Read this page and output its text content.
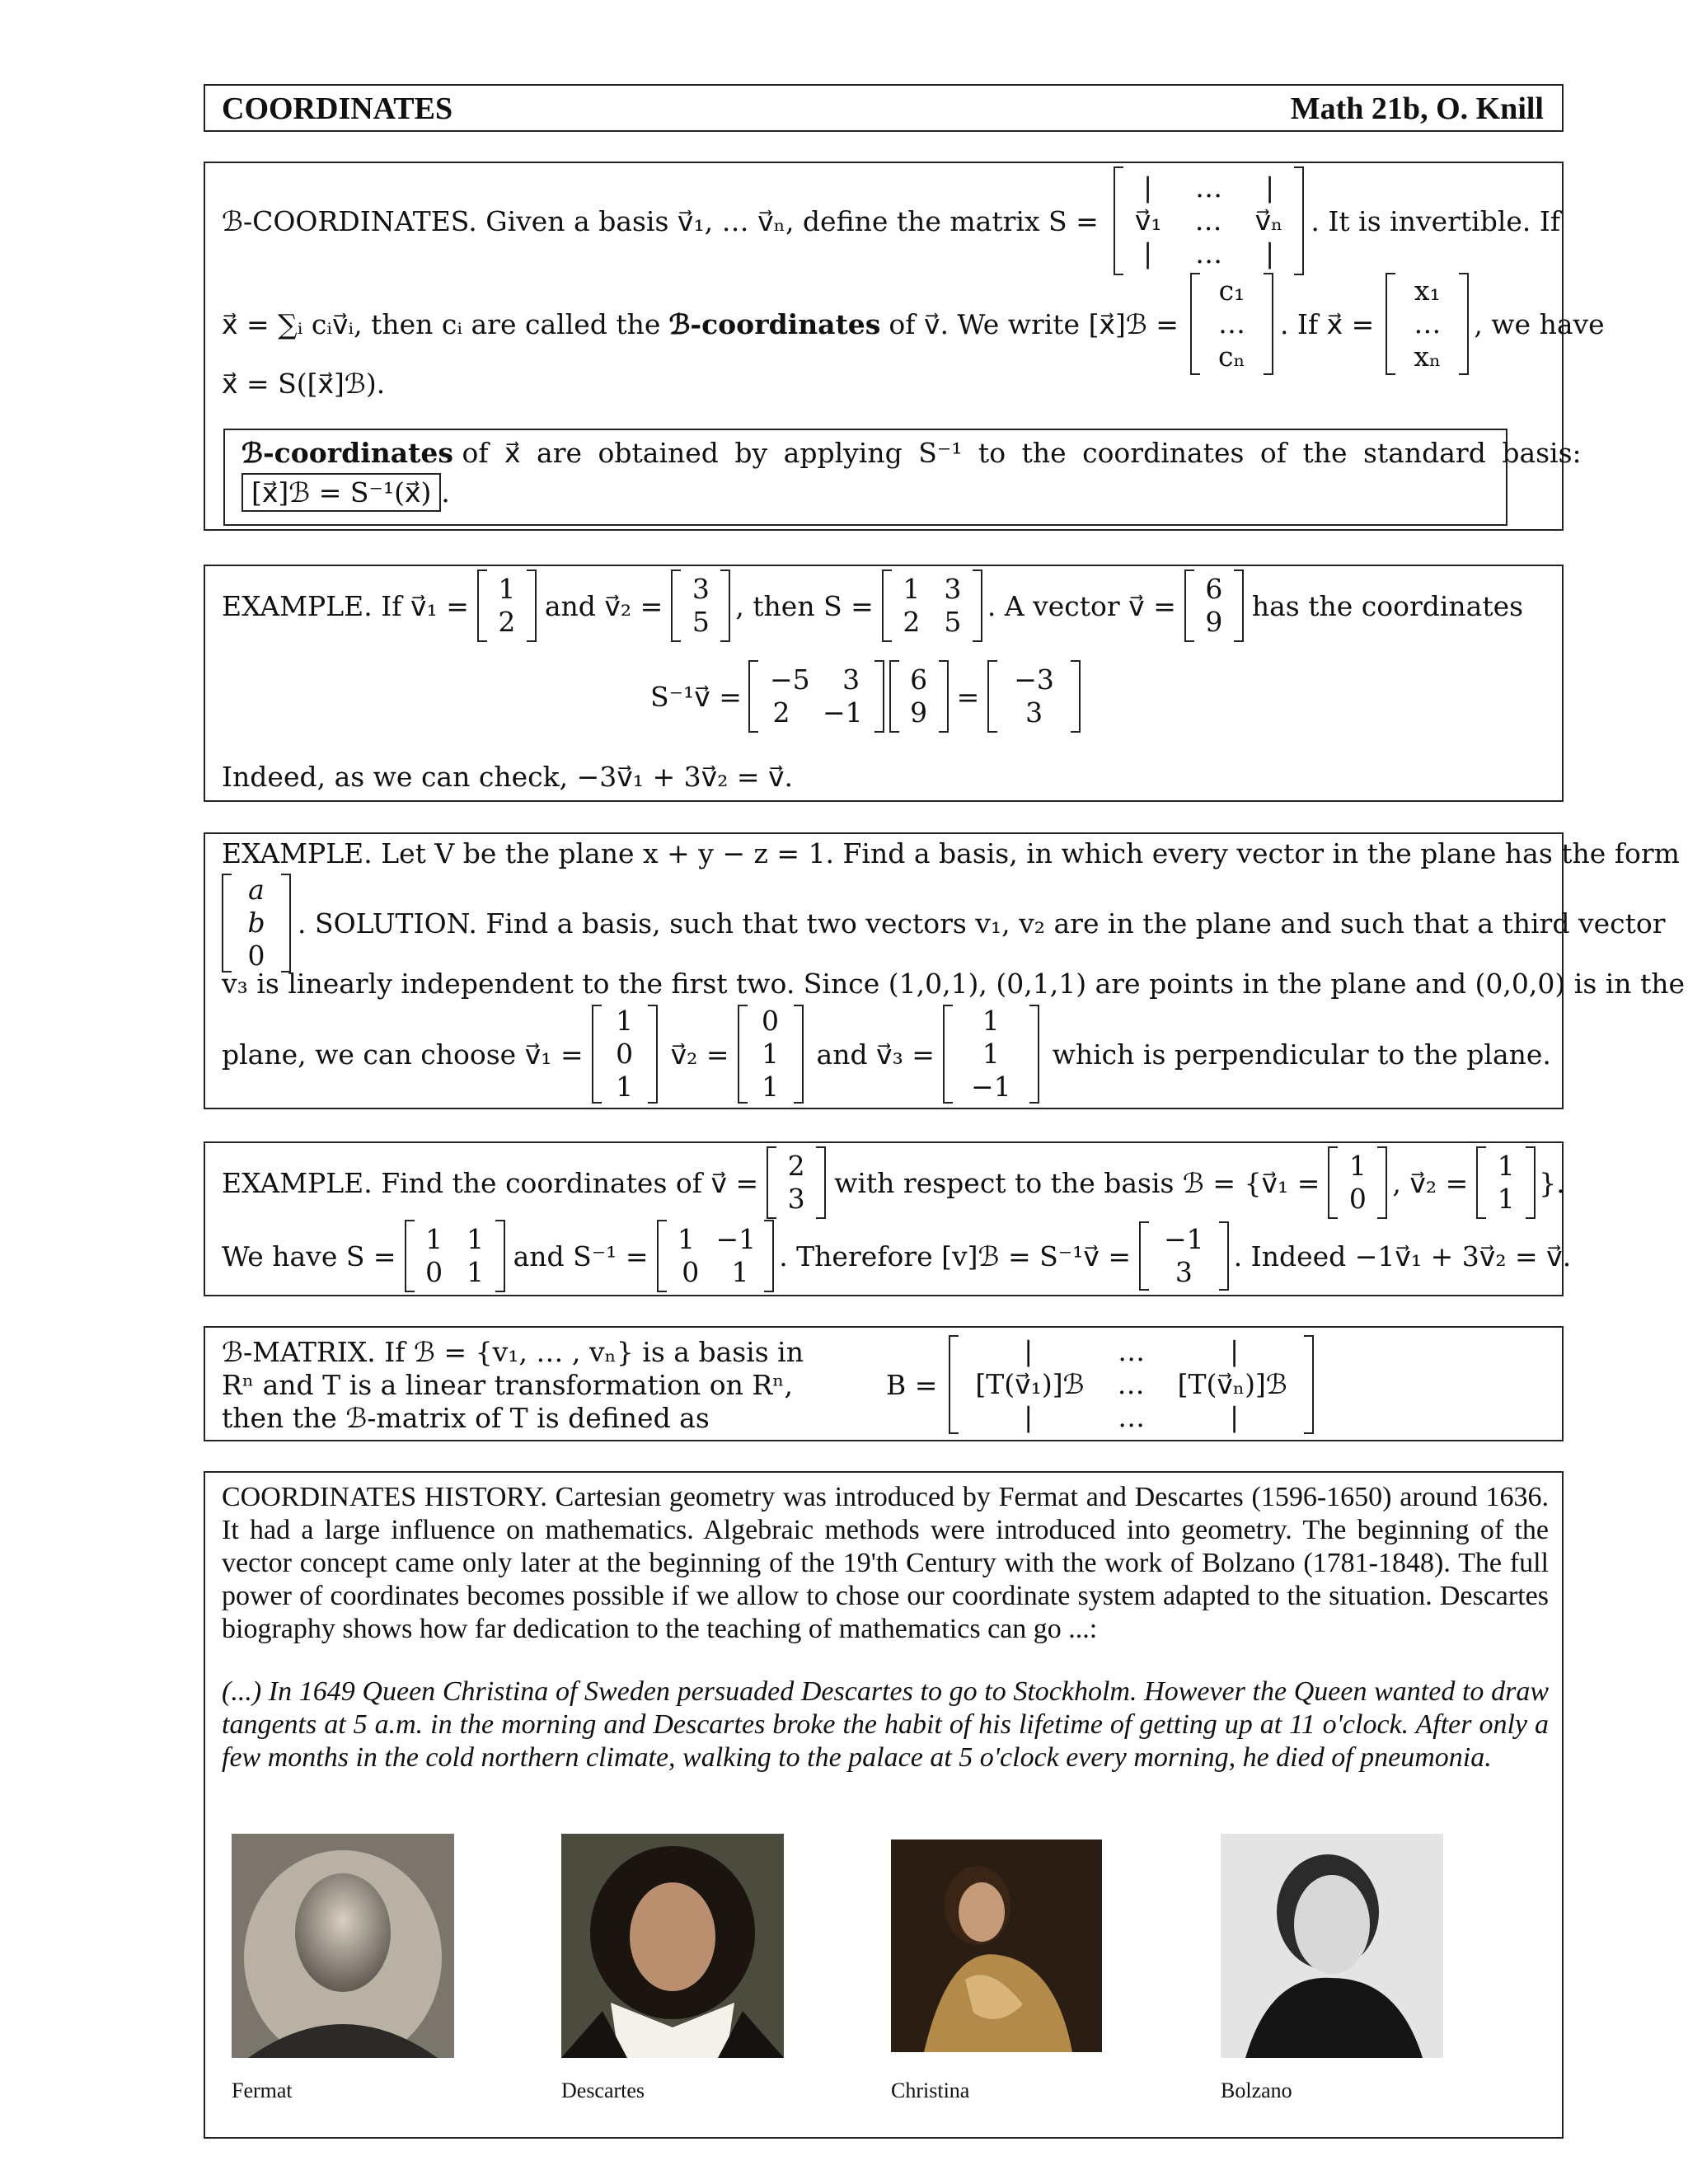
COORDINATES	Math 21b, O. Knill
ℬ-COORDINATES. Given a basis v⃗₁, … v⃗ₙ, define the matrix S =
| … |
v⃗₁ … v⃗ₙ
| … |
. It is invertible. If
x⃗ = ∑ᵢ cᵢv⃗ᵢ, then cᵢ are called the ℬ-coordinates of v⃗. We write [x⃗]ℬ =
c₁
…
cₙ
. If x⃗ =
x₁
…
xₙ
, we have
x⃗ = S([x⃗]ℬ).
ℬ-coordinates of x⃗ are obtained by applying S⁻¹ to the coordinates of the standard basis:
[x⃗]ℬ = S⁻¹(x⃗) .
EXAMPLE. If v⃗₁ =
1
2 and v⃗₂ =
3
5 , then S =
1 3
2 5 . A vector v⃗ =
6
9 has the coordinates
S⁻¹v⃗ =
−5 3
2 −1
6
9 =
−3
3
Indeed, as we can check, −3v⃗₁ + 3v⃗₂ = v⃗.
EXAMPLE. Let V be the plane x + y − z = 1. Find a basis, in which every vector in the plane has the form
a
b
0
. SOLUTION. Find a basis, such that two vectors v₁, v₂ are in the plane and such that a third vector
v₃ is linearly independent to the first two. Since (1,0,1), (0,1,1) are points in the plane and (0,0,0) is in the
plane, we can choose v⃗₁ =
1
0
1
v⃗₂ =
0
1
1
and v⃗₃ =
1
1
−1
which is perpendicular to the plane.
EXAMPLE. Find the coordinates of v⃗ =
2
3 with respect to the basis ℬ = {v⃗₁ =
1
0 , v⃗₂ =
1
1 }.
We have S =
1 1
0 1 and S⁻¹ =
1 −1
0 1 . Therefore [v]ℬ = S⁻¹v⃗ =
−1
3 . Indeed −1v⃗₁ + 3v⃗₂ = v⃗.
ℬ-MATRIX. If ℬ = {v₁, … , vₙ} is a basis in
Rⁿ and T is a linear transformation on Rⁿ,
then the ℬ-matrix of T is defined as
B =
|	…	|
[T(v⃗₁)]ℬ … [T(v⃗ₙ)]ℬ
|	…	|
COORDINATES HISTORY. Cartesian geometry was introduced by Fermat and Descartes (1596-1650) around 1636. It had a large influence on mathematics. Algebraic methods were introduced into geometry. The beginning of the vector concept came only later at the beginning of the 19'th Century with the work of Bolzano (1781-1848). The full power of coordinates becomes possible if we allow to chose our coordinate system adapted to the situation. Descartes biography shows how far dedication to the teaching of mathematics can go ...:
(...) In 1649 Queen Christina of Sweden persuaded Descartes to go to Stockholm. However the Queen wanted to draw tangents at 5 a.m. in the morning and Descartes broke the habit of his lifetime of getting up at 11 o'clock. After only a few months in the cold northern climate, walking to the palace at 5 o'clock every morning, he died of pneumonia.
Fermat	Descartes	Christina	Bolzano
